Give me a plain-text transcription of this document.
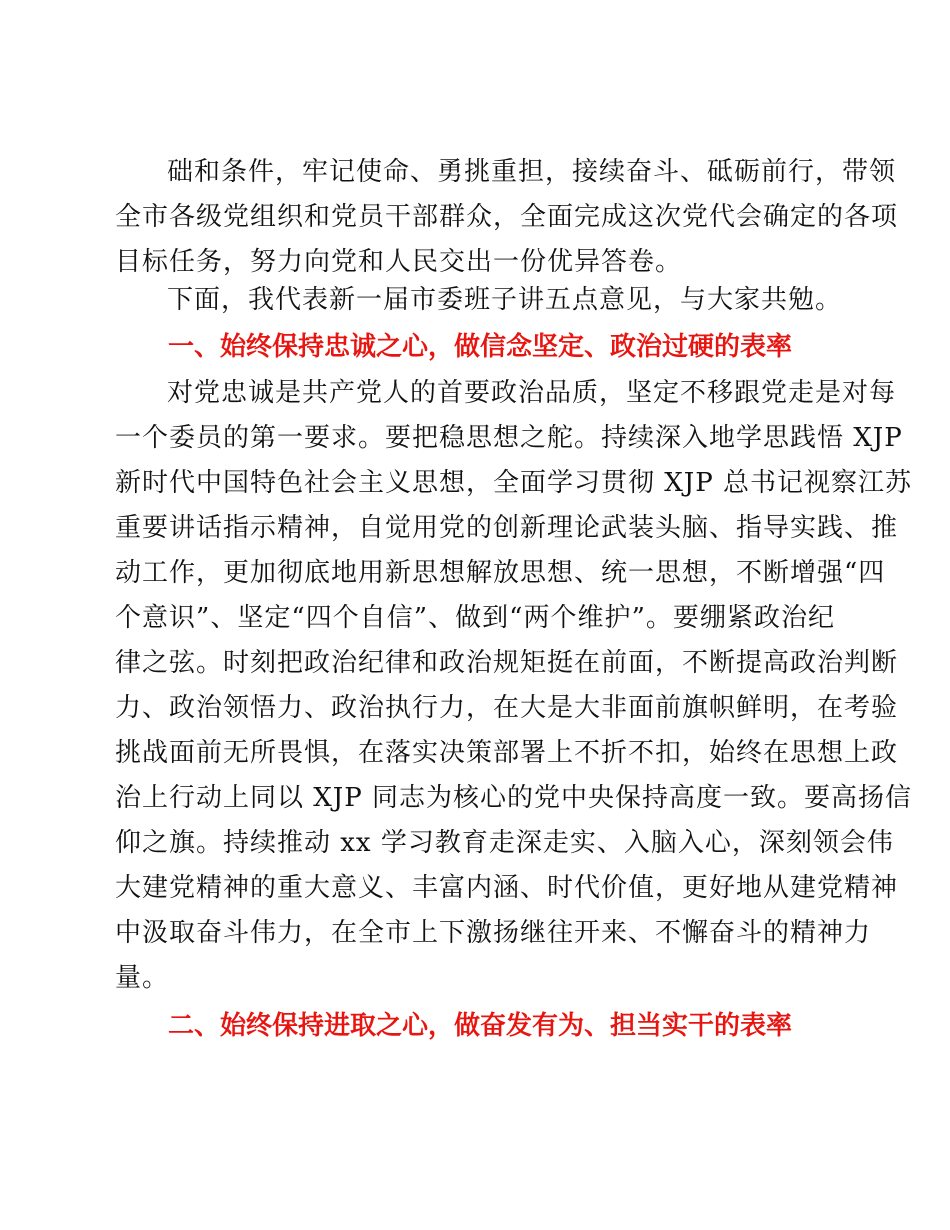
础和条件，牢记使命、勇挑重担，接续奋斗、砥砺前行，带领
全市各级党组织和党员干部群众，全面完成这次党代会确定的各项
目标任务，努力向党和人民交出一份优异答卷。
下面，我代表新一届市委班子讲五点意见，与大家共勉。
一、始终保持忠诚之心，做信念坚定、政治过硬的表率
对党忠诚是共产党人的首要政治品质，坚定不移跟党走是对每
一个委员的第一要求。要把稳思想之舵。持续深入地学思践悟 XJP
新时代中国特色社会主义思想，全面学习贯彻 XJP 总书记视察江苏
重要讲话指示精神，自觉用党的创新理论武装头脑、指导实践、推
动工作，更加彻底地用新思想解放思想、统一思想，不断增强“四
个意识”、坚定“四个自信”、做到“两个维护”。要绷紧政治纪
律之弦。时刻把政治纪律和政治规矩挺在前面，不断提高政治判断
力、政治领悟力、政治执行力，在大是大非面前旗帜鲜明，在考验
挑战面前无所畏惧，在落实决策部署上不折不扣，始终在思想上政
治上行动上同以 XJP 同志为核心的党中央保持高度一致。要高扬信
仰之旗。持续推动 xx 学习教育走深走实、入脑入心，深刻领会伟
大建党精神的重大意义、丰富内涵、时代价值，更好地从建党精神
中汲取奋斗伟力，在全市上下激扬继往开来、不懈奋斗的精神力
量。
二、始终保持进取之心，做奋发有为、担当实干的表率
